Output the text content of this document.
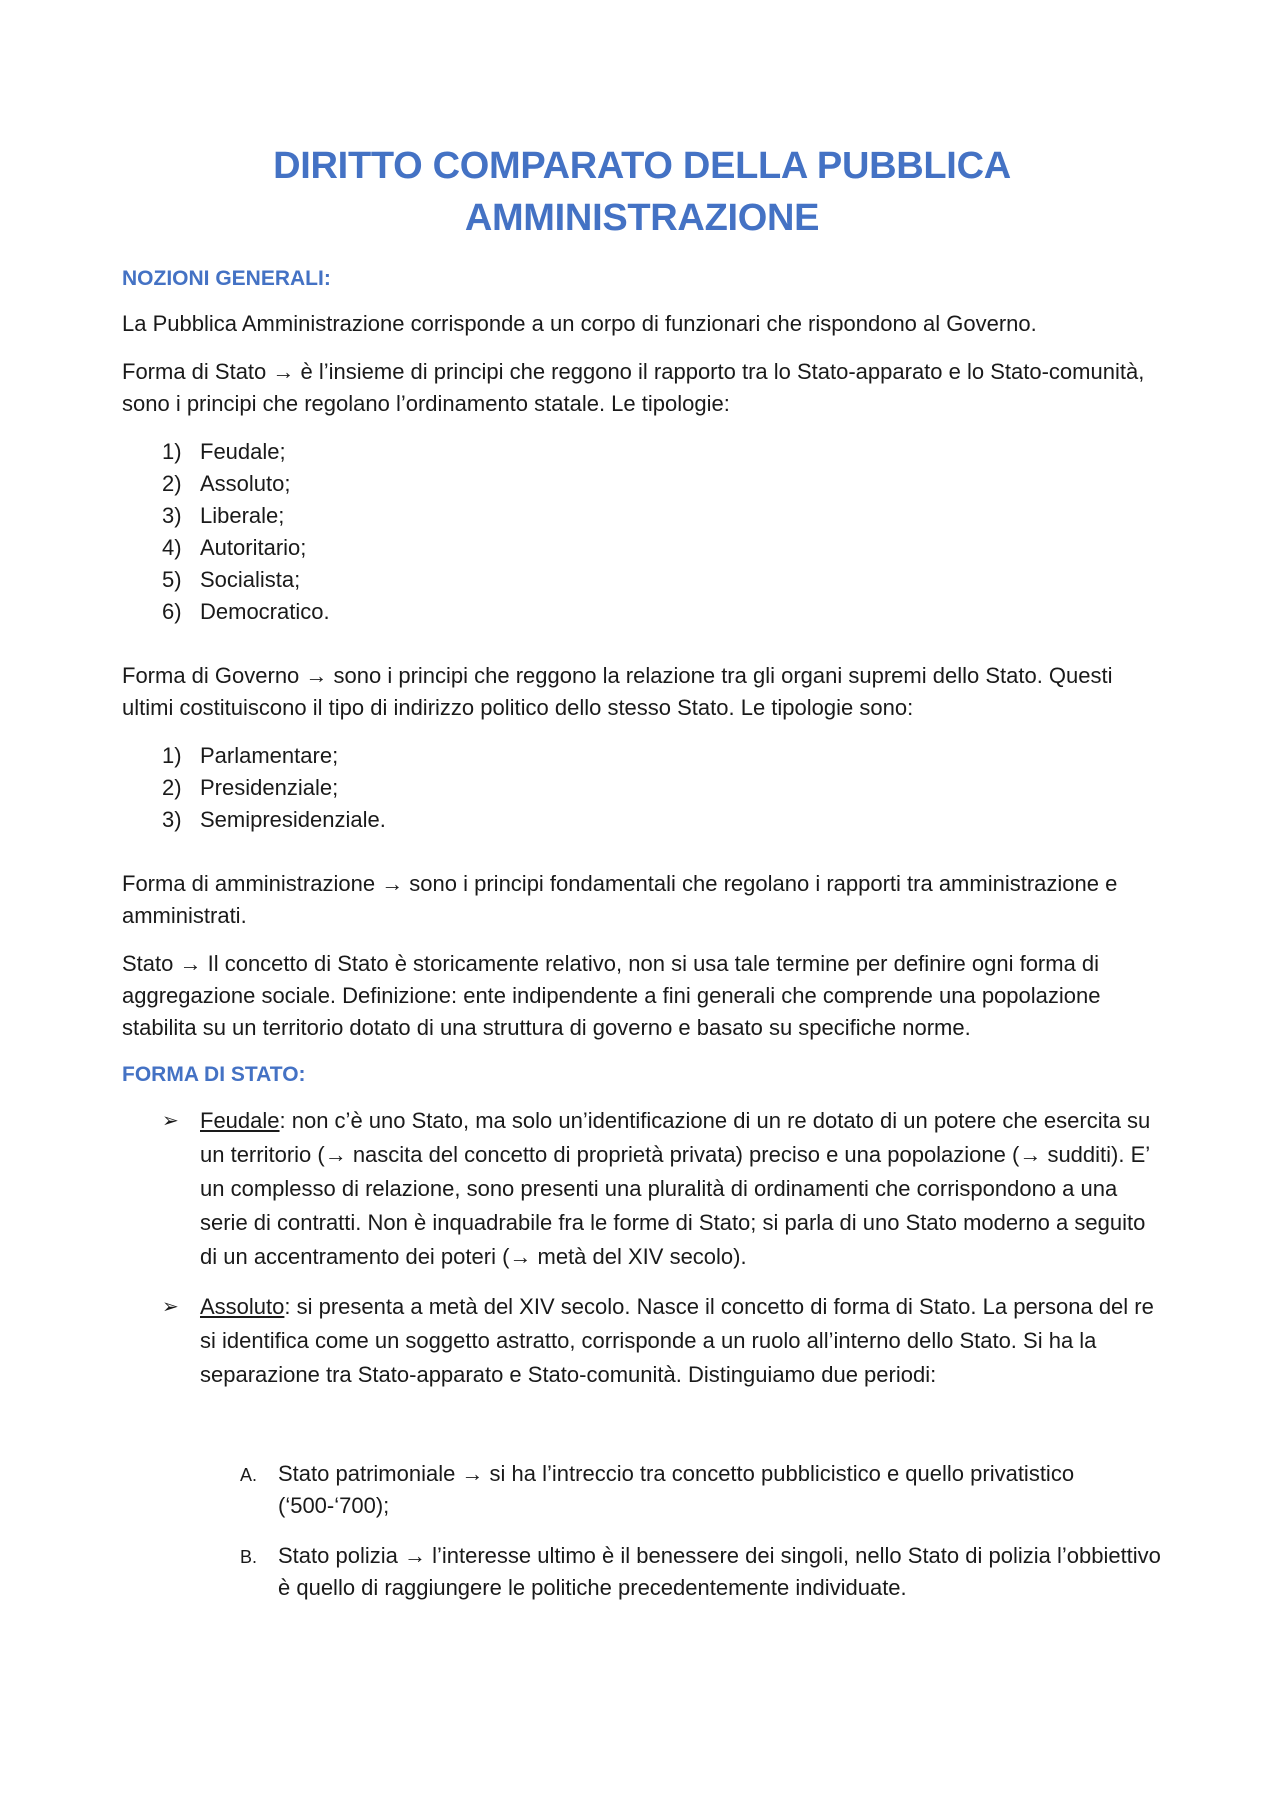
DIRITTO COMPARATO DELLA PUBBLICA
AMMINISTRAZIONE
NOZIONI GENERALI:

La Pubblica Amministrazione corrisponde a un corpo di funzionari che rispondono al Governo.

Forma di Stato → è l’insieme di principi che reggono il rapporto tra lo Stato-apparato e lo Stato-comunità, sono i principi che regolano l’ordinamento statale. Le tipologie:

1) Feudale;
2) Assoluto;
3) Liberale;
4) Autoritario;
5) Socialista;
6) Democratico.

Forma di Governo → sono i principi che reggono la relazione tra gli organi supremi dello Stato. Questi ultimi costituiscono il tipo di indirizzo politico dello stesso Stato. Le tipologie sono:

1) Parlamentare;
2) Presidenziale;
3) Semipresidenziale.

Forma di amministrazione → sono i principi fondamentali che regolano i rapporti tra amministrazione e amministrati.

Stato → Il concetto di Stato è storicamente relativo, non si usa tale termine per definire ogni forma di aggregazione sociale. Definizione: ente indipendente a fini generali che comprende una popolazione stabilita su un territorio dotato di una struttura di governo e basato su specifiche norme.

FORMA DI STATO:
➢ Feudale: non c’è uno Stato, ma solo un’identificazione di un re dotato di un potere che esercita su un territorio (→ nascita del concetto di proprietà privata) preciso e una popolazione (→ sudditi). E’ un complesso di relazione, sono presenti una pluralità di ordinamenti che corrispondono a una serie di contratti. Non è inquadrabile fra le forme di Stato; si parla di uno Stato moderno a seguito di un accentramento dei poteri (→ metà del XIV secolo).
➢ Assoluto: si presenta a metà del XIV secolo. Nasce il concetto di forma di Stato. La persona del re si identifica come un soggetto astratto, corrisponde a un ruolo all’interno dello Stato. Si ha la separazione tra Stato-apparato e Stato-comunità. Distinguiamo due periodi:
A. Stato patrimoniale → si ha l’intreccio tra concetto pubblicistico e quello privatistico (‘500-‘700);
B. Stato polizia → l’interesse ultimo è il benessere dei singoli, nello Stato di polizia l’obbiettivo è quello di raggiungere le politiche precedentemente individuate.
